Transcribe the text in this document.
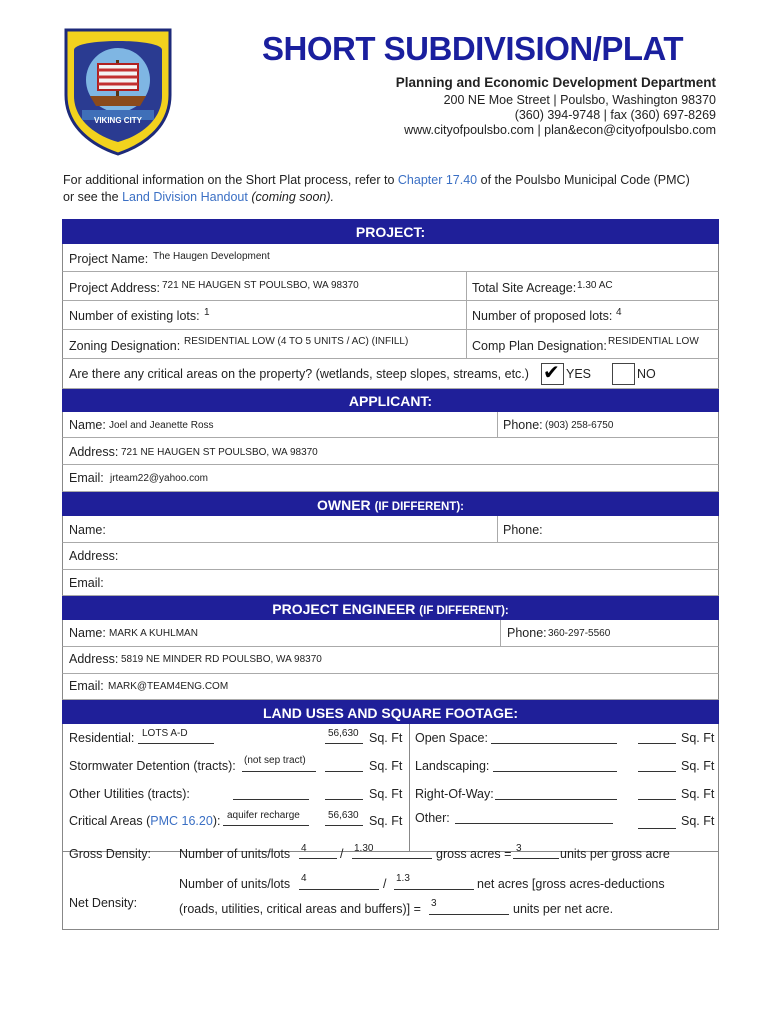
CITY OF POULSBO
VIKING CITY
SHORT SUBDIVISION/PLAT
Planning and Economic Development Department
200 NE Moe Street | Poulsbo, Washington 98370
(360) 394-9748 | fax (360) 697-8269
www.cityofpoulsbo.com | plan&econ@cityofpoulsbo.com
For additional information on the Short Plat process, refer to Chapter 17.40 of the Poulsbo Municipal Code (PMC)
or see the Land Division Handout (coming soon).
PROJECT:
Project Name: The Haugen Development
Project Address: 721 NE HAUGEN ST POULSBO, WA 98370	Total Site Acreage: 1.30 AC
Number of existing lots: 1	Number of proposed lots: 4
Zoning Designation: RESIDENTIAL LOW (4 TO 5 UNITS / AC) (INFILL)	Comp Plan Designation: RESIDENTIAL LOW
Are there any critical areas on the property? (wetlands, steep slopes, streams, etc.) ✔ YES	NO
APPLICANT:
Name: Joel and Jeanette Ross	Phone: (903) 258-6750
Address: 721 NE HAUGEN ST POULSBO, WA 98370
Email: jrteam22@yahoo.com
OWNER (IF DIFFERENT):
Name:	Phone:
Address:
Email:
PROJECT ENGINEER (IF DIFFERENT):
Name: MARK A KUHLMAN	Phone: 360-297-5560
Address: 5819 NE MINDER RD POULSBO, WA 98370
Email: MARK@TEAM4ENG.COM
LAND USES AND SQUARE FOOTAGE:
Residential: LOTS A-D	56,630 Sq. Ft
Stormwater Detention (tracts): (not sep tract)	Sq. Ft
Other Utilities (tracts):	Sq. Ft
Critical Areas (PMC 16.20): aquifer recharge	56,630 Sq. Ft
Open Space:	Sq. Ft
Landscaping:	Sq. Ft
Right-Of-Way:	Sq. Ft
Other:	Sq. Ft
Gross Density: Number of units/lots 4	/ 1.30	gross acres = 3	units per gross acre
Number of units/lots 4	/ 1.3	net acres [gross acres-deductions
Net Density:	(roads, utilities, critical areas and buffers)] = 3	units per net acre.
